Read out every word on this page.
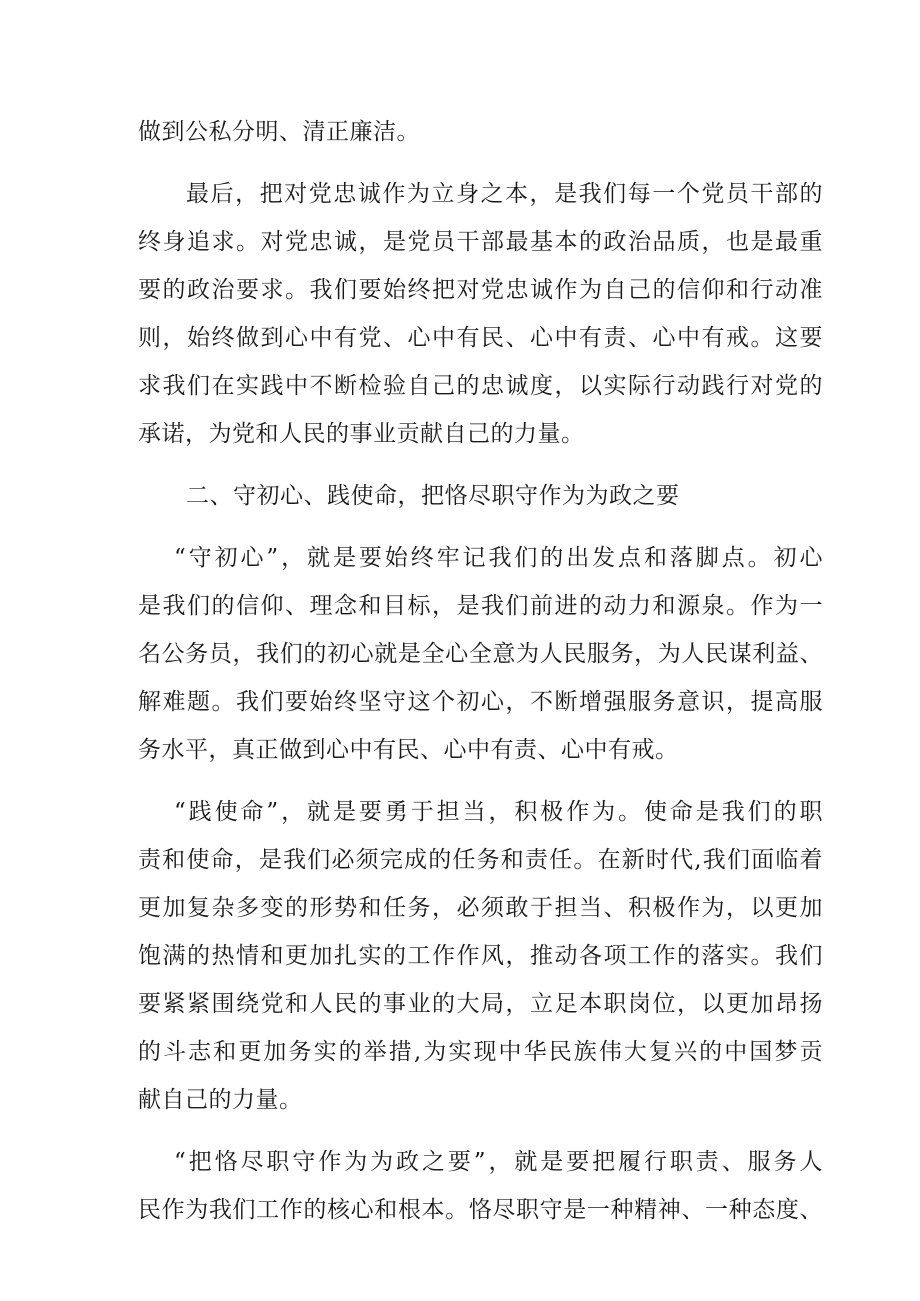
做到公私分明、清正廉洁。
最后，把对党忠诚作为立身之本，是我们每一个党员干部的
终身追求。对党忠诚，是党员干部最基本的政治品质，也是最重
要的政治要求。我们要始终把对党忠诚作为自己的信仰和行动准
则，始终做到心中有党、心中有民、心中有责、心中有戒。这要
求我们在实践中不断检验自己的忠诚度，以实际行动践行对党的
承诺，为党和人民的事业贡献自己的力量。
二、守初心、践使命，把恪尽职守作为为政之要
“守初心”，就是要始终牢记我们的出发点和落脚点。初心
是我们的信仰、理念和目标，是我们前进的动力和源泉。作为一
名公务员，我们的初心就是全心全意为人民服务，为人民谋利益、
解难题。我们要始终坚守这个初心，不断增强服务意识，提高服
务水平，真正做到心中有民、心中有责、心中有戒。
“践使命”，就是要勇于担当，积极作为。使命是我们的职
责和使命，是我们必须完成的任务和责任。在新时代,我们面临着
更加复杂多变的形势和任务，必须敢于担当、积极作为，以更加
饱满的热情和更加扎实的工作作风，推动各项工作的落实。我们
要紧紧围绕党和人民的事业的大局，立足本职岗位，以更加昂扬
的斗志和更加务实的举措,为实现中华民族伟大复兴的中国梦贡
献自己的力量。
“把恪尽职守作为为政之要”，就是要把履行职责、服务人
民作为我们工作的核心和根本。恪尽职守是一种精神、一种态度、
